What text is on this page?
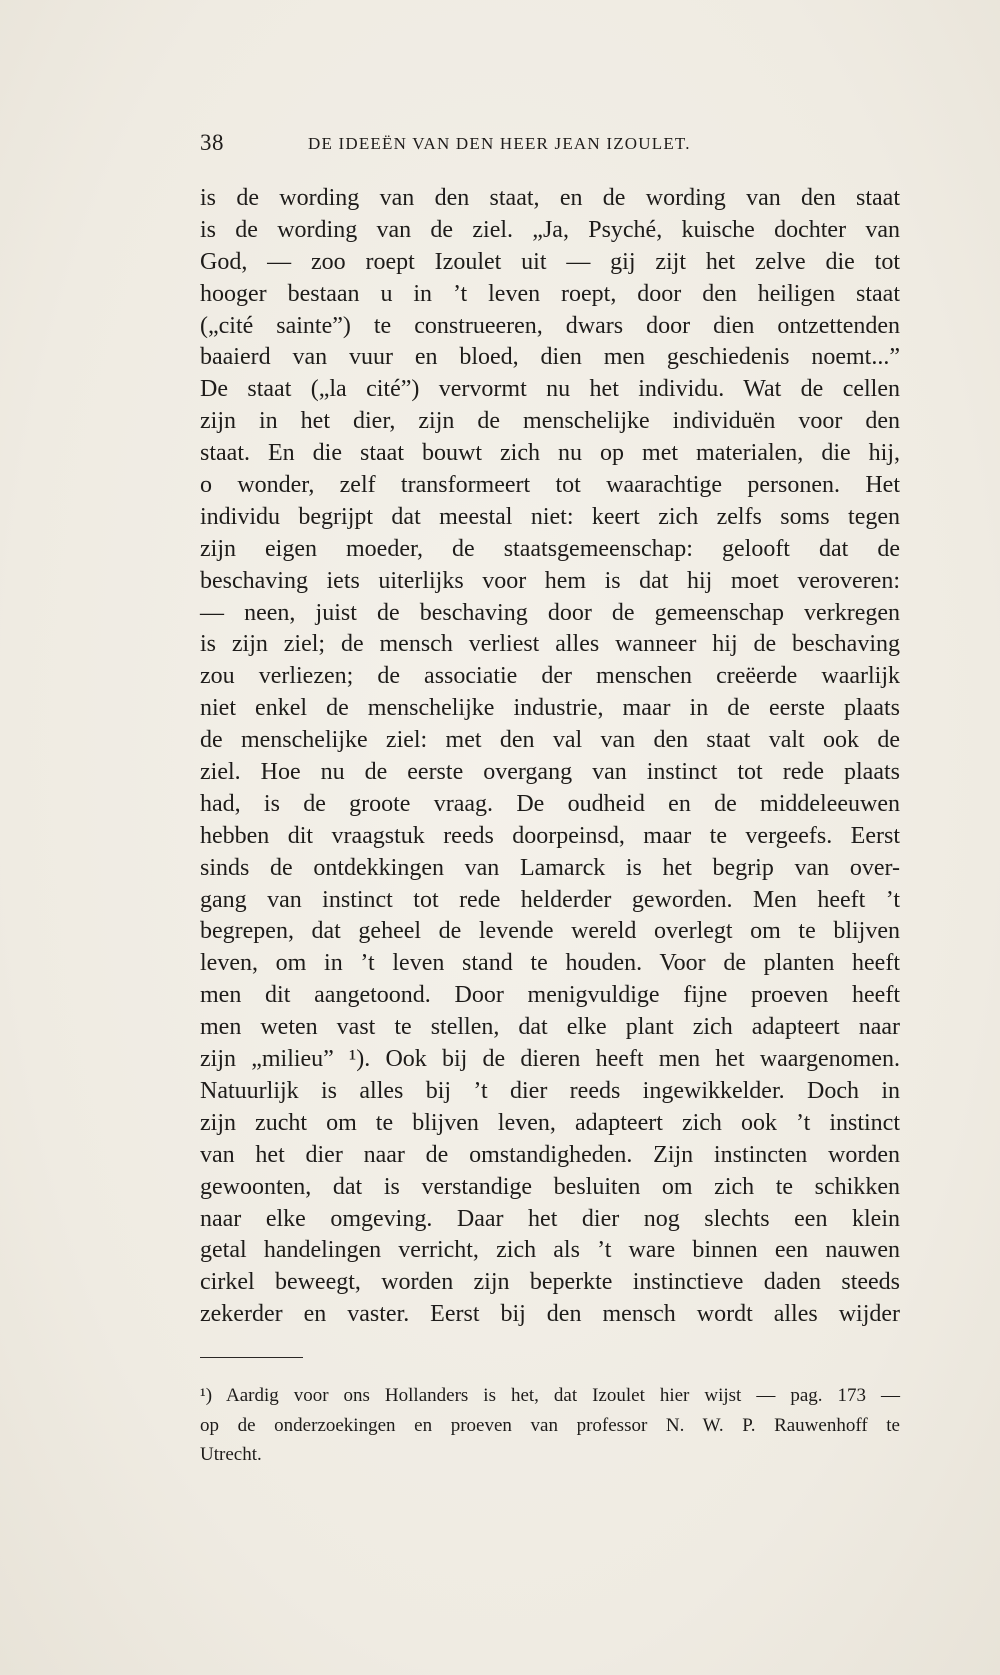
38	DE IDEEËN VAN DEN HEER JEAN IZOULET.
is de wording van den staat, en de wording van den staat
is de wording van de ziel. „Ja, Psyché, kuische dochter van
God, — zoo roept Izoulet uit — gij zijt het zelve die tot
hooger bestaan u in ’t leven roept, door den heiligen staat
(„cité sainte”) te construeeren, dwars door dien ontzettenden
baaierd van vuur en bloed, dien men geschiedenis noemt...”
De staat („la cité”) vervormt nu het individu. Wat de cellen
zijn in het dier, zijn de menschelijke individuën voor den
staat. En die staat bouwt zich nu op met materialen, die hij,
o wonder, zelf transformeert tot waarachtige personen. Het
individu begrijpt dat meestal niet: keert zich zelfs soms tegen
zijn eigen moeder, de staatsgemeenschap: gelooft dat de
beschaving iets uiterlijks voor hem is dat hij moet veroveren:
— neen, juist de beschaving door de gemeenschap verkregen
is zijn ziel; de mensch verliest alles wanneer hij de beschaving
zou verliezen; de associatie der menschen creëerde waarlijk
niet enkel de menschelijke industrie, maar in de eerste plaats
de menschelijke ziel: met den val van den staat valt ook de
ziel. Hoe nu de eerste overgang van instinct tot rede plaats
had, is de groote vraag. De oudheid en de middeleeuwen
hebben dit vraagstuk reeds doorpeinsd, maar te vergeefs. Eerst
sinds de ontdekkingen van Lamarck is het begrip van over-
gang van instinct tot rede helderder geworden. Men heeft ’t
begrepen, dat geheel de levende wereld overlegt om te blijven
leven, om in ’t leven stand te houden. Voor de planten heeft
men dit aangetoond. Door menigvuldige fijne proeven heeft
men weten vast te stellen, dat elke plant zich adapteert naar
zijn „milieu” ¹). Ook bij de dieren heeft men het waargenomen.
Natuurlijk is alles bij ’t dier reeds ingewikkelder. Doch in
zijn zucht om te blijven leven, adapteert zich ook ’t instinct
van het dier naar de omstandigheden. Zijn instincten worden
gewoonten, dat is verstandige besluiten om zich te schikken
naar elke omgeving. Daar het dier nog slechts een klein
getal handelingen verricht, zich als ’t ware binnen een nauwen
cirkel beweegt, worden zijn beperkte instinctieve daden steeds
zekerder en vaster. Eerst bij den mensch wordt alles wijder
¹) Aardig voor ons Hollanders is het, dat Izoulet hier wijst — pag. 173 —
op de onderzoekingen en proeven van professor N. W. P. Rauwenhoff te
Utrecht.
